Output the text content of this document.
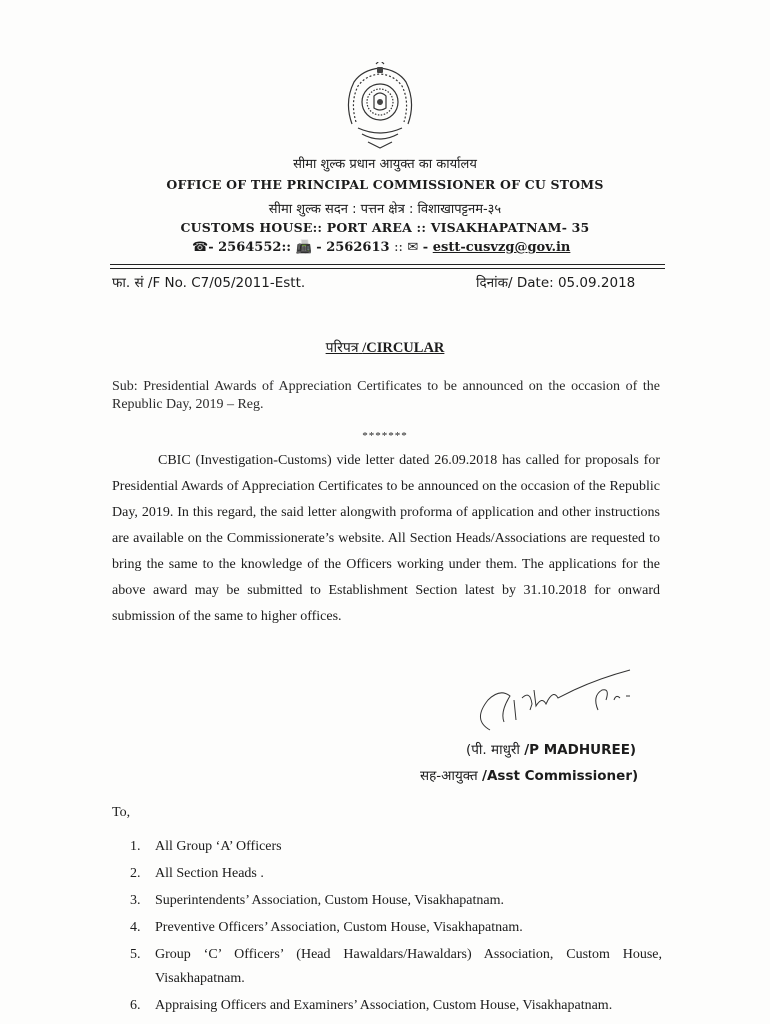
सीमा शुल्क प्रधान आयुक्त का कार्यालय
OFFICE OF THE PRINCIPAL COMMISSIONER OF CU STOMS
सीमा शुल्क सदन : पत्तन क्षेत्र : विशाखापट्टनम-३५
CUSTOMS HOUSE:: PORT AREA :: VISAKHAPATNAM- 35
☎- 2564552:: 📠 - 2562613 :: ✉ - estt-cusvzg@gov.in
फा. सं /F No. C7/05/2011-Estt.	दिनांक/ Date: 05.09.2018
परिपत्र /CIRCULAR
Sub: Presidential Awards of Appreciation Certificates to be announced on the occasion of the Republic Day, 2019 – Reg.
*******
CBIC (Investigation-Customs) vide letter dated 26.09.2018 has called for proposals for Presidential Awards of Appreciation Certificates to be announced on the occasion of the Republic Day, 2019. In this regard, the said letter alongwith proforma of application and other instructions are available on the Commissionerate’s website. All Section Heads/Associations are requested to bring the same to the knowledge of the Officers working under them. The applications for the above award may be submitted to Establishment Section latest by 31.10.2018 for onward submission of the same to higher offices.
(पी. माधुरी /P MADHUREE)
सह-आयुक्त /Asst Commissioner)
To,
1. All Group ‘A’ Officers
2. All Section Heads .
3. Superintendents’ Association, Custom House, Visakhapatnam.
4. Preventive Officers’ Association, Custom House, Visakhapatnam.
5. Group ‘C’ Officers’ (Head Hawaldars/Hawaldars) Association, Custom House, Visakhapatnam.
6. Appraising Officers and Examiners’ Association, Custom House, Visakhapatnam.
